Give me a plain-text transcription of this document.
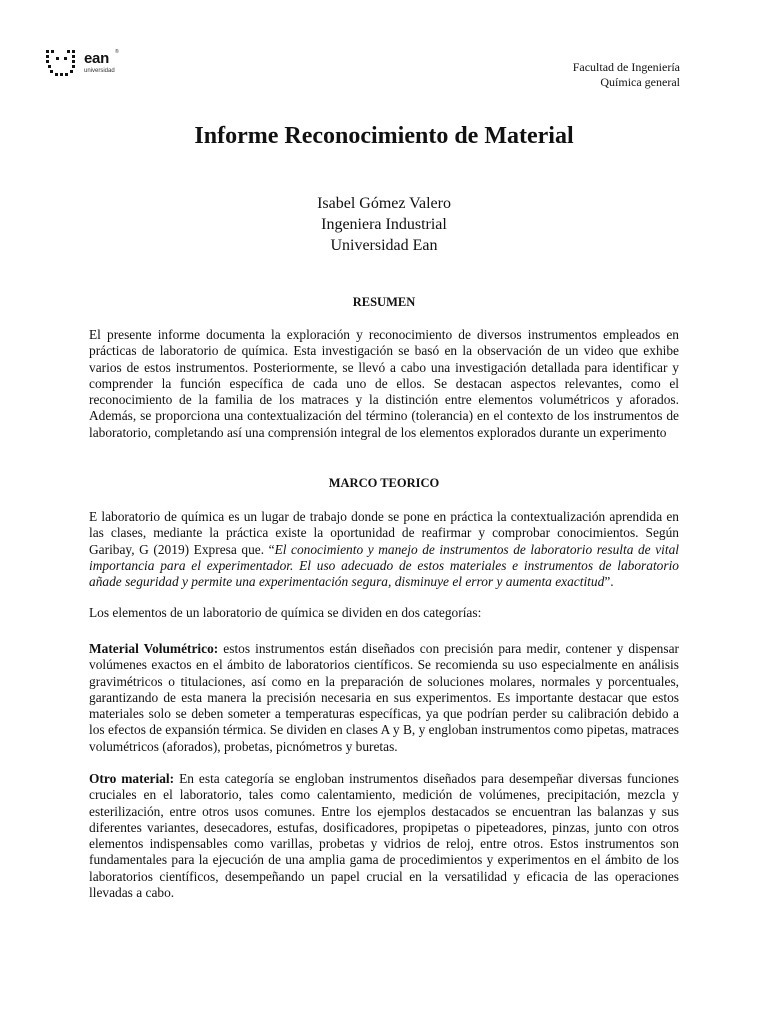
ean ®
universidad	Facultad de Ingeniería
Química general
Informe Reconocimiento de Material
Isabel Gómez Valero
Ingeniera Industrial
Universidad Ean
RESUMEN
El presente informe documenta la exploración y reconocimiento de diversos instrumentos empleados en prácticas de laboratorio de química. Esta investigación se basó en la observación de un video que exhibe varios de estos instrumentos. Posteriormente, se llevó a cabo una investigación detallada para identificar y comprender la función específica de cada uno de ellos. Se destacan aspectos relevantes, como el reconocimiento de la familia de los matraces y la distinción entre elementos volumétricos y aforados. Además, se proporciona una contextualización del término (tolerancia) en el contexto de los instrumentos de laboratorio, completando así una comprensión integral de los elementos explorados durante un experimento
MARCO TEORICO
E laboratorio de química es un lugar de trabajo donde se pone en práctica la contextualización aprendida en las clases, mediante la práctica existe la oportunidad de reafirmar y comprobar conocimientos. Según Garibay, G (2019) Expresa que. “El conocimiento y manejo de instrumentos de laboratorio resulta de vital importancia para el experimentador. El uso adecuado de estos materiales e instrumentos de laboratorio añade seguridad y permite una experimentación segura, disminuye el error y aumenta exactitud”.
Los elementos de un laboratorio de química se dividen en dos categorías:
Material Volumétrico: estos instrumentos están diseñados con precisión para medir, contener y dispensar volúmenes exactos en el ámbito de laboratorios científicos. Se recomienda su uso especialmente en análisis gravimétricos o titulaciones, así como en la preparación de soluciones molares, normales y porcentuales, garantizando de esta manera la precisión necesaria en sus experimentos. Es importante destacar que estos materiales solo se deben someter a temperaturas específicas, ya que podrían perder su calibración debido a los efectos de expansión térmica. Se dividen en clases A y B, y engloban instrumentos como pipetas, matraces volumétricos (aforados), probetas, picnómetros y buretas.
Otro material: En esta categoría se engloban instrumentos diseñados para desempeñar diversas funciones cruciales en el laboratorio, tales como calentamiento, medición de volúmenes, precipitación, mezcla y esterilización, entre otros usos comunes. Entre los ejemplos destacados se encuentran las balanzas y sus diferentes variantes, desecadores, estufas, dosificadores, propipetas o pipeteadores, pinzas, junto con otros elementos indispensables como varillas, probetas y vidrios de reloj, entre otros. Estos instrumentos son fundamentales para la ejecución de una amplia gama de procedimientos y experimentos en el ámbito de los laboratorios científicos, desempeñando un papel crucial en la versatilidad y eficacia de las operaciones llevadas a cabo.
